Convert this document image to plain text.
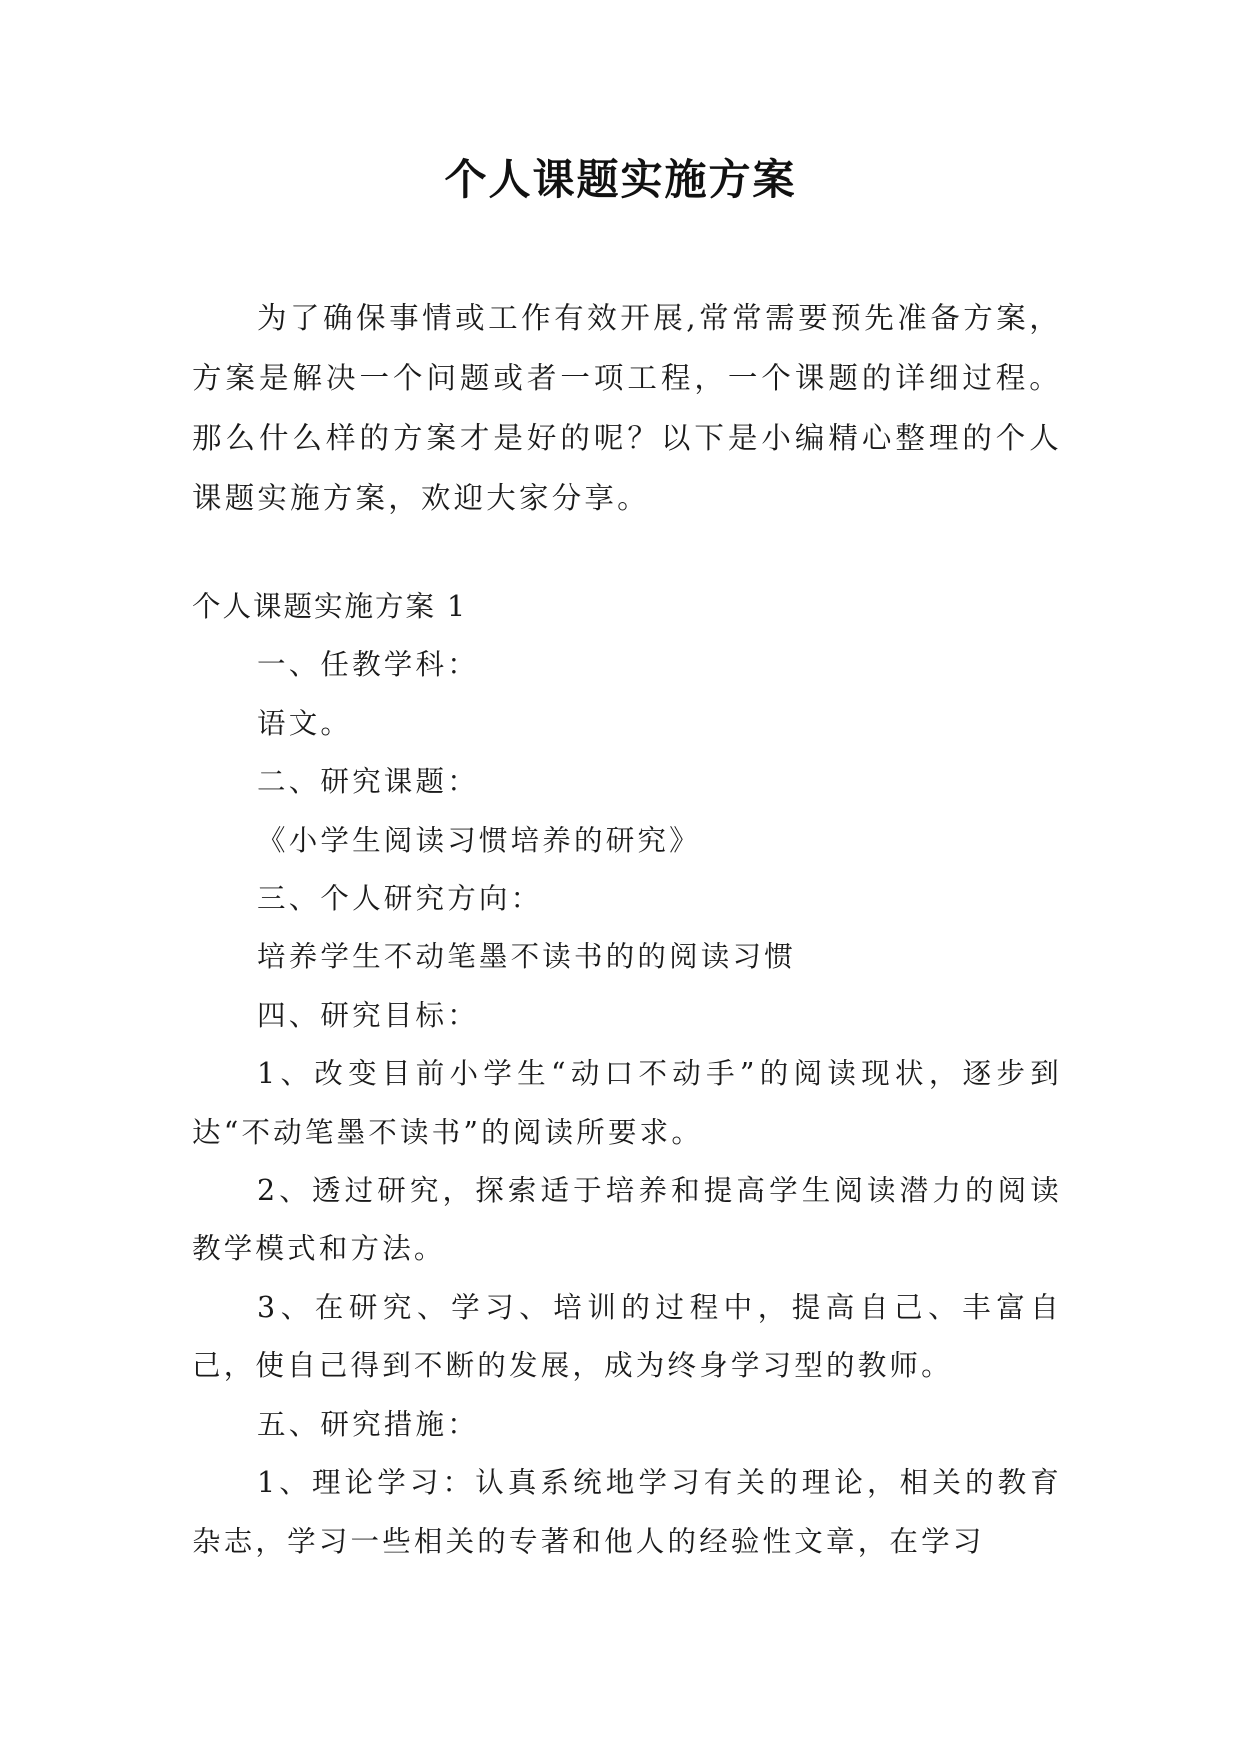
个人课题实施方案

为了确保事情或工作有效开展,常常需要预先准备方案，方案是解决一个问题或者一项工程，一个课题的详细过程。那么什么样的方案才是好的呢？以下是小编精心整理的个人课题实施方案，欢迎大家分享。

个人课题实施方案 1

一、任教学科：

语文。

二、研究课题：

《小学生阅读习惯培养的研究》

三、个人研究方向：

培养学生不动笔墨不读书的的阅读习惯

四、研究目标：

1、改变目前小学生“动口不动手”的阅读现状，逐步到达“不动笔墨不读书”的阅读所要求。

2、透过研究，探索适于培养和提高学生阅读潜力的阅读教学模式和方法。

3、在研究、学习、培训的过程中，提高自己、丰富自己，使自己得到不断的发展，成为终身学习型的教师。

五、研究措施：

1、理论学习：认真系统地学习有关的理论，相关的教育杂志，学习一些相关的专著和他人的经验性文章，在学习
